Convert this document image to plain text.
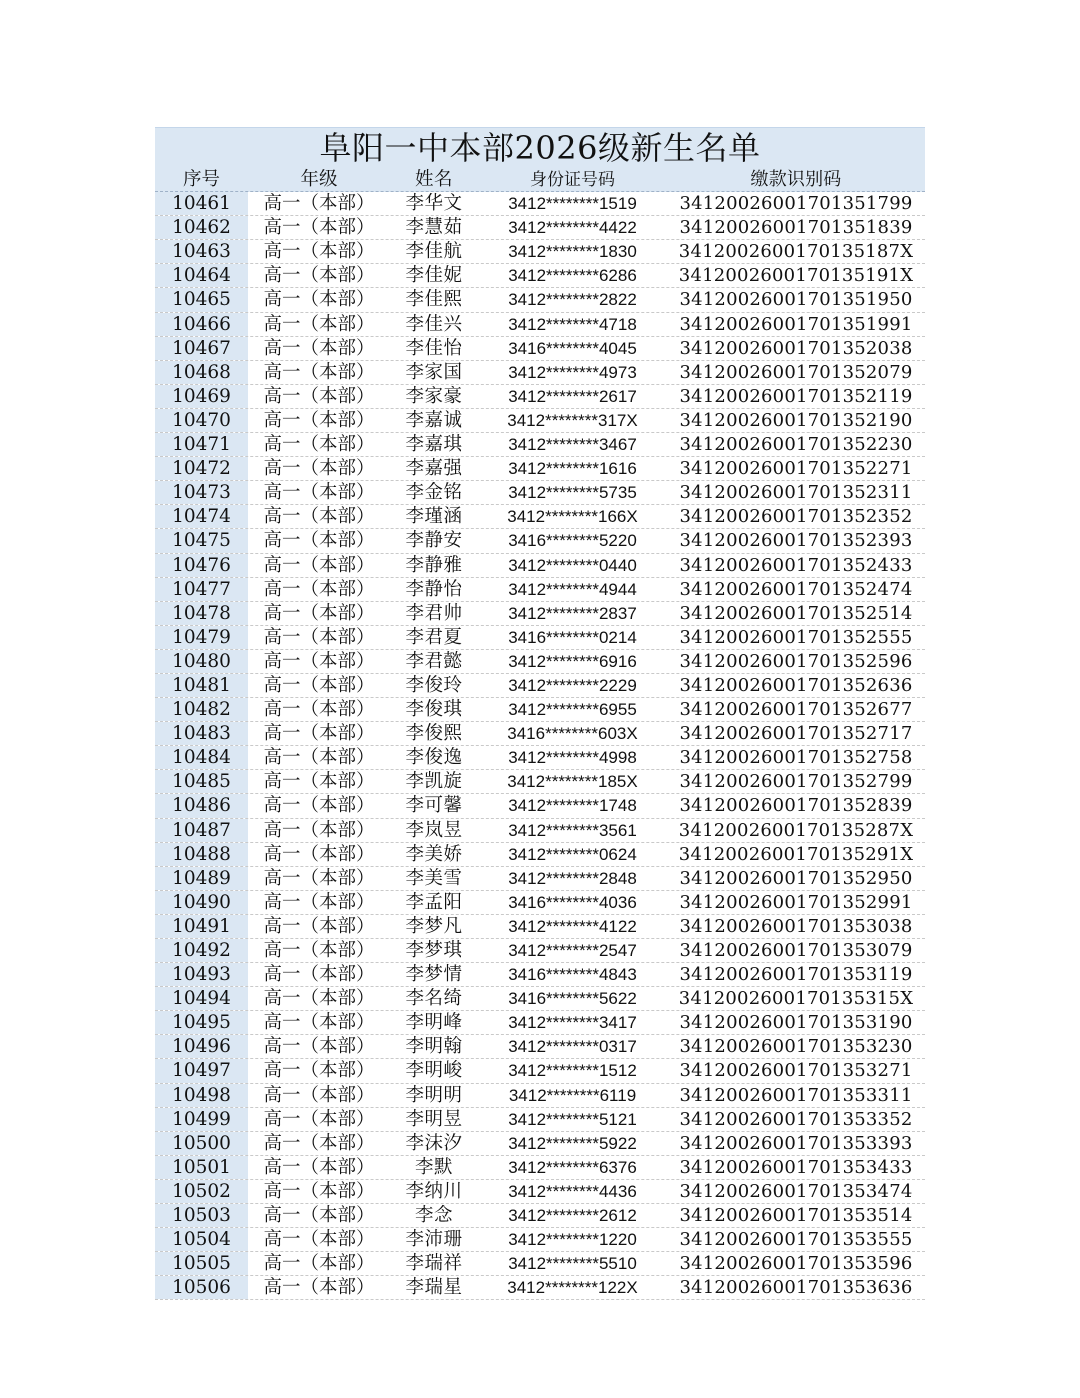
阜阳一中本部2026级新生名单
序号	年级	姓名	身份证号码	缴款识别码
10461	高一（本部）	李华文	3412********1519	34120026001701351799
10462	高一（本部）	李慧茹	3412********4422	34120026001701351839
10463	高一（本部）	李佳航	3412********1830	3412002600170135187X
10464	高一（本部）	李佳妮	3412********6286	3412002600170135191X
10465	高一（本部）	李佳熙	3412********2822	34120026001701351950
10466	高一（本部）	李佳兴	3412********4718	34120026001701351991
10467	高一（本部）	李佳怡	3416********4045	34120026001701352038
10468	高一（本部）	李家国	3412********4973	34120026001701352079
10469	高一（本部）	李家豪	3412********2617	34120026001701352119
10470	高一（本部）	李嘉诚	3412********317X	34120026001701352190
10471	高一（本部）	李嘉琪	3412********3467	34120026001701352230
10472	高一（本部）	李嘉强	3412********1616	34120026001701352271
10473	高一（本部）	李金铭	3412********5735	34120026001701352311
10474	高一（本部）	李瑾涵	3412********166X	34120026001701352352
10475	高一（本部）	李静安	3416********5220	34120026001701352393
10476	高一（本部）	李静雅	3412********0440	34120026001701352433
10477	高一（本部）	李静怡	3412********4944	34120026001701352474
10478	高一（本部）	李君帅	3412********2837	34120026001701352514
10479	高一（本部）	李君夏	3416********0214	34120026001701352555
10480	高一（本部）	李君懿	3412********6916	34120026001701352596
10481	高一（本部）	李俊玲	3412********2229	34120026001701352636
10482	高一（本部）	李俊琪	3412********6955	34120026001701352677
10483	高一（本部）	李俊熙	3416********603X	34120026001701352717
10484	高一（本部）	李俊逸	3412********4998	34120026001701352758
10485	高一（本部）	李凯旋	3412********185X	34120026001701352799
10486	高一（本部）	李可馨	3412********1748	34120026001701352839
10487	高一（本部）	李岚昱	3412********3561	3412002600170135287X
10488	高一（本部）	李美娇	3412********0624	3412002600170135291X
10489	高一（本部）	李美雪	3412********2848	34120026001701352950
10490	高一（本部）	李孟阳	3416********4036	34120026001701352991
10491	高一（本部）	李梦凡	3412********4122	34120026001701353038
10492	高一（本部）	李梦琪	3412********2547	34120026001701353079
10493	高一（本部）	李梦情	3416********4843	34120026001701353119
10494	高一（本部）	李名绮	3416********5622	3412002600170135315X
10495	高一（本部）	李明峰	3412********3417	34120026001701353190
10496	高一（本部）	李明翰	3412********0317	34120026001701353230
10497	高一（本部）	李明峻	3412********1512	34120026001701353271
10498	高一（本部）	李明明	3412********6119	34120026001701353311
10499	高一（本部）	李明昱	3412********5121	34120026001701353352
10500	高一（本部）	李沫汐	3412********5922	34120026001701353393
10501	高一（本部）	李默	3412********6376	34120026001701353433
10502	高一（本部）	李纳川	3412********4436	34120026001701353474
10503	高一（本部）	李念	3412********2612	34120026001701353514
10504	高一（本部）	李沛珊	3412********1220	34120026001701353555
10505	高一（本部）	李瑞祥	3412********5510	34120026001701353596
10506	高一（本部）	李瑞星	3412********122X	34120026001701353636
